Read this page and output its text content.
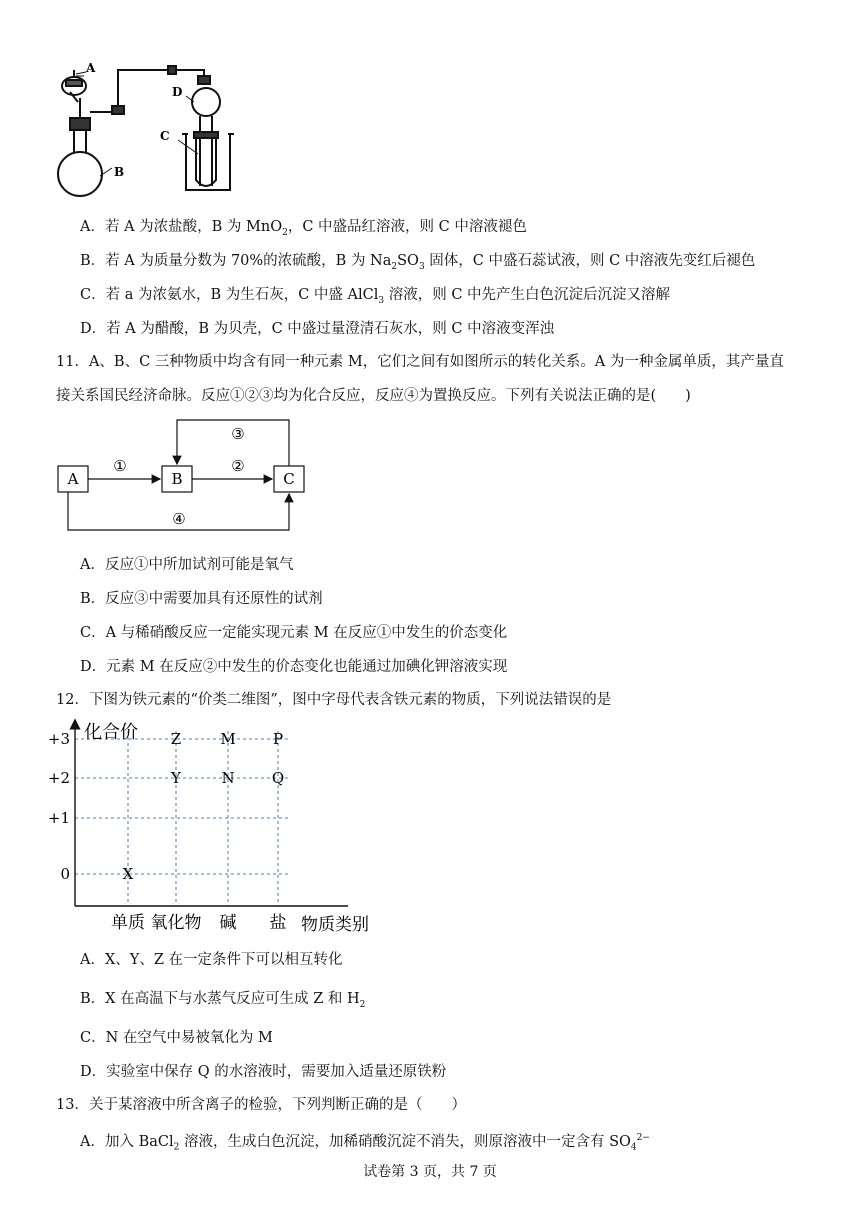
A
B
C
D
A．若 A 为浓盐酸，B 为 MnO$_2$，C 中盛品红溶液，则 C 中溶液褪色
B．若 A 为质量分数为 70%的浓硫酸，B 为 $Na_2SO_3$ 固体，C 中盛石蕊试液，则 C 中溶液先变红后褪色
C．若 a 为浓氨水，B 为生石灰，C 中盛 AlCl$_3$ 溶液，则 C 中先产生白色沉淀后沉淀又溶解
D．若 A 为醋酸，B 为贝壳，C 中盛过量澄清石灰水，则 C 中溶液变浑浊
11．A、B、C 三种物质中均含有同一种元素 M，它们之间有如图所示的转化关系。A 为一种金属单质，其产量直
接关系国民经济命脉。反应①②③均为化合反应，反应④为置换反应。下列有关说法正确的是(　　)
A	B	C
①	②
③
④
A．反应①中所加试剂可能是氧气
B．反应③中需要加具有还原性的试剂
C．A 与稀硝酸反应一定能实现元素 M 在反应①中发生的价态变化
D．元素 M 在反应②中发生的价态变化也能通过加碘化钾溶液实现
12．下图为铁元素的“价类二维图”，图中字母代表含铁元素的物质，下列说法错误的是
化合价
物质类别
+3
+2
+1
0
单质 氧化物 碱 盐
X
Y
Z
N
M
Q
P
A．X、Y、Z 在一定条件下可以相互转化
B．X 在高温下与水蒸气反应可生成 Z 和 $H_2$
C．N 在空气中易被氧化为 M
D．实验室中保存 Q 的水溶液时，需要加入适量还原铁粉
13．关于某溶液中所含离子的检验，下列判断正确的是（　　）
A．加入 BaCl$_2$ 溶液，生成白色沉淀，加稀硝酸沉淀不消失，则原溶液中一定含有 $SO_4^{2-}$
试卷第 3 页，共 7 页
